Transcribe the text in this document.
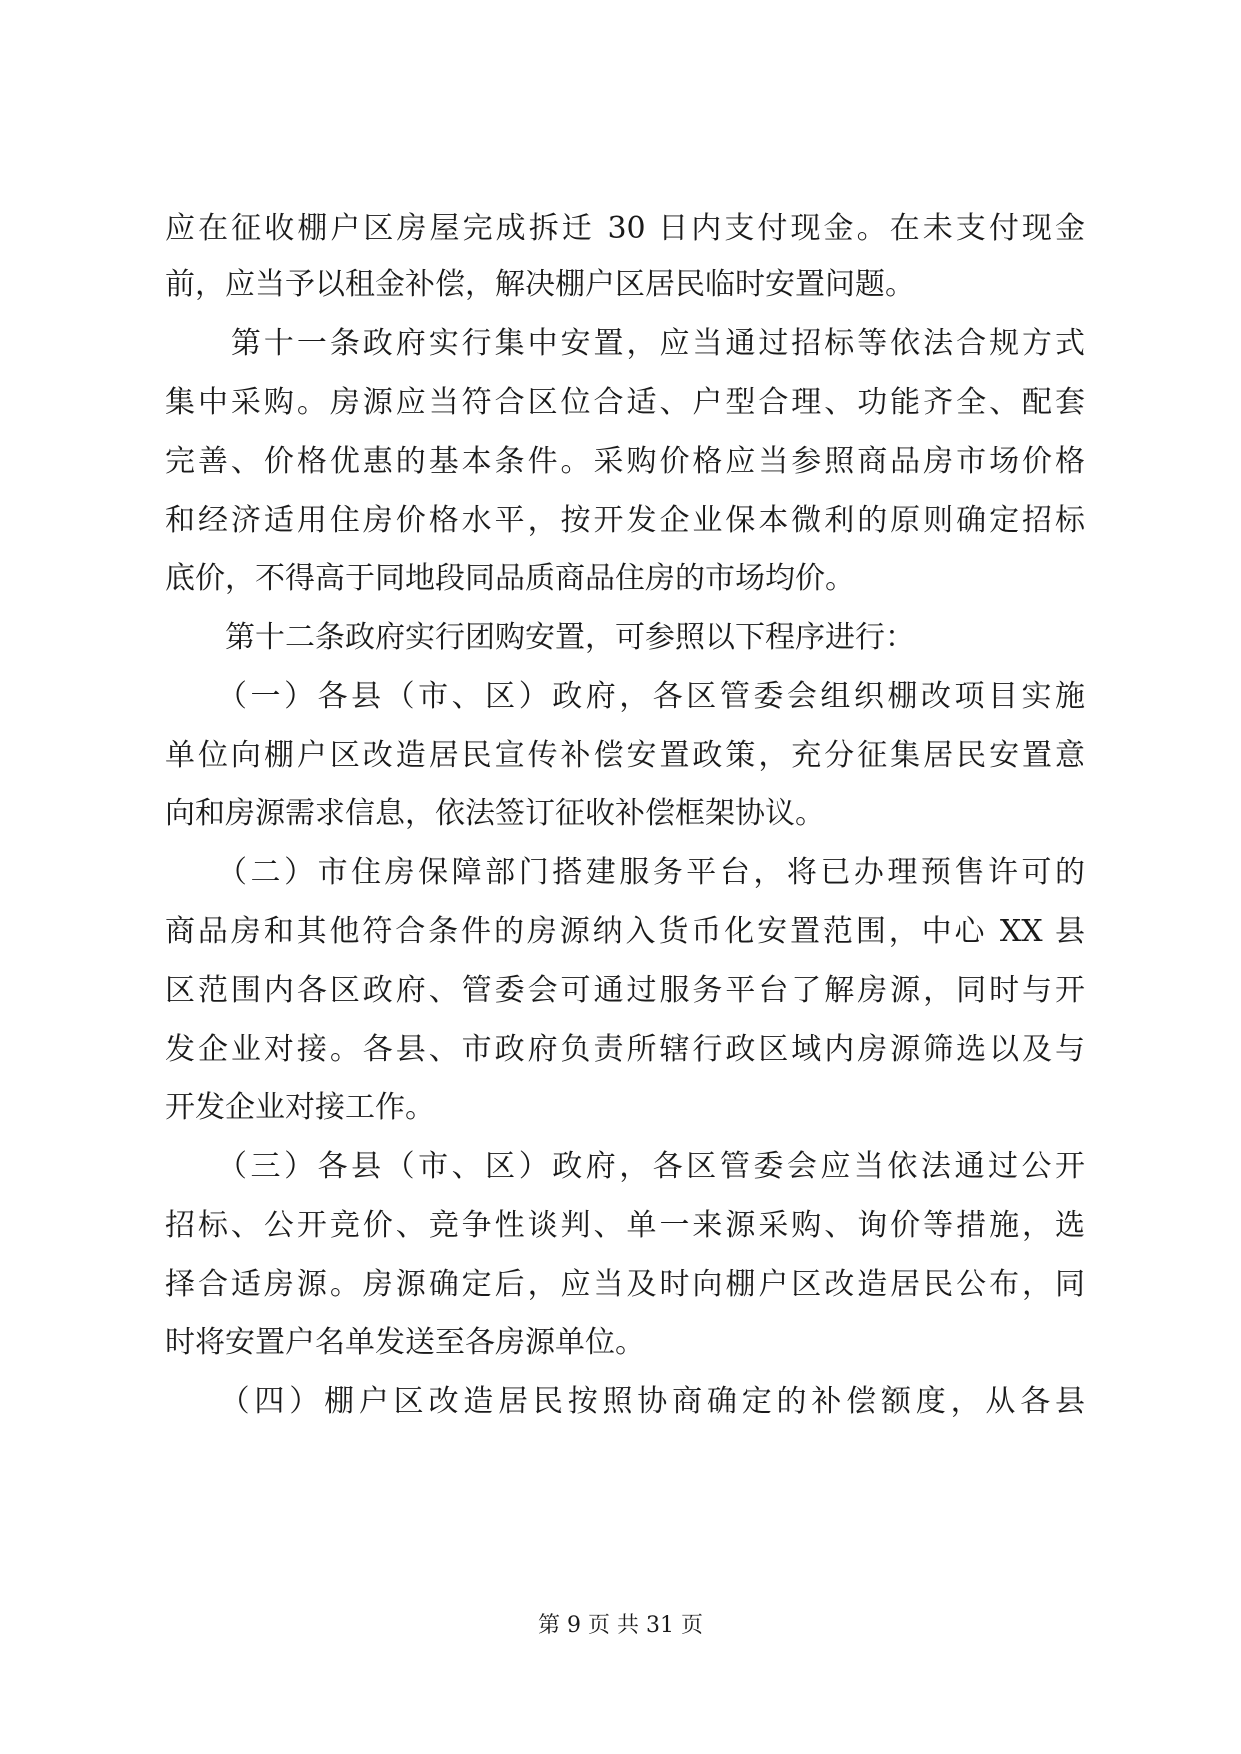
应在征收棚户区房屋完成拆迁 30 日内支付现金。在未支付现金
前，应当予以租金补偿，解决棚户区居民临时安置问题。
　　第十一条政府实行集中安置，应当通过招标等依法合规方式
集中采购。房源应当符合区位合适、户型合理、功能齐全、配套
完善、价格优惠的基本条件。采购价格应当参照商品房市场价格
和经济适用住房价格水平，按开发企业保本微利的原则确定招标
底价，不得高于同地段同品质商品住房的市场均价。
　　第十二条政府实行团购安置，可参照以下程序进行：
　　（一）各县（市、区）政府，各区管委会组织棚改项目实施
单位向棚户区改造居民宣传补偿安置政策，充分征集居民安置意
向和房源需求信息，依法签订征收补偿框架协议。
　　（二）市住房保障部门搭建服务平台，将已办理预售许可的
商品房和其他符合条件的房源纳入货币化安置范围，中心 XX 县
区范围内各区政府、管委会可通过服务平台了解房源，同时与开
发企业对接。各县、市政府负责所辖行政区域内房源筛选以及与
开发企业对接工作。
　　（三）各县（市、区）政府，各区管委会应当依法通过公开
招标、公开竞价、竞争性谈判、单一来源采购、询价等措施，选
择合适房源。房源确定后，应当及时向棚户区改造居民公布，同
时将安置户名单发送至各房源单位。
　　（四）棚户区改造居民按照协商确定的补偿额度，从各县
第 9 页 共 31 页
